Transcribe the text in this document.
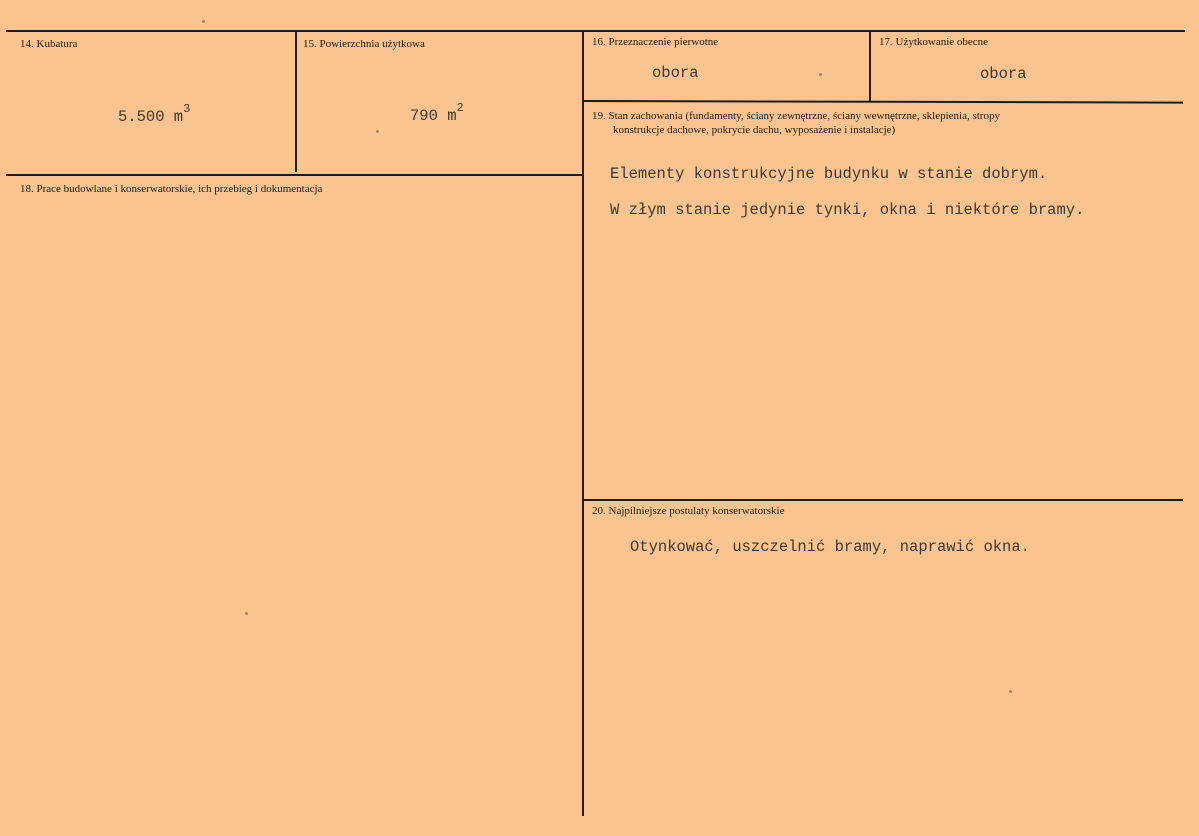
14. Kubatura
5.500 $m^3$
15. Powierzchnia użytkowa
790 $m^2$
16. Przeznaczenie pierwotne
obora
17. Użytkowanie obecne
obora
18. Prace budowlane i konserwatorskie, ich przebieg i dokumentacja
19. Stan zachowania (fundamenty, ściany zewnętrzne, ściany wewnętrzne, sklepienia, stropy
konstrukcje dachowe, pokrycie dachu, wyposażenie i instalacje)
Elementy konstrukcyjne budynku w stanie dobrym.
W złym stanie jedynie tynki, okna i niektóre bramy.
20. Najpilniejsze postulaty konserwatorskie
Otynkować, uszczelnić bramy, naprawić okna.
